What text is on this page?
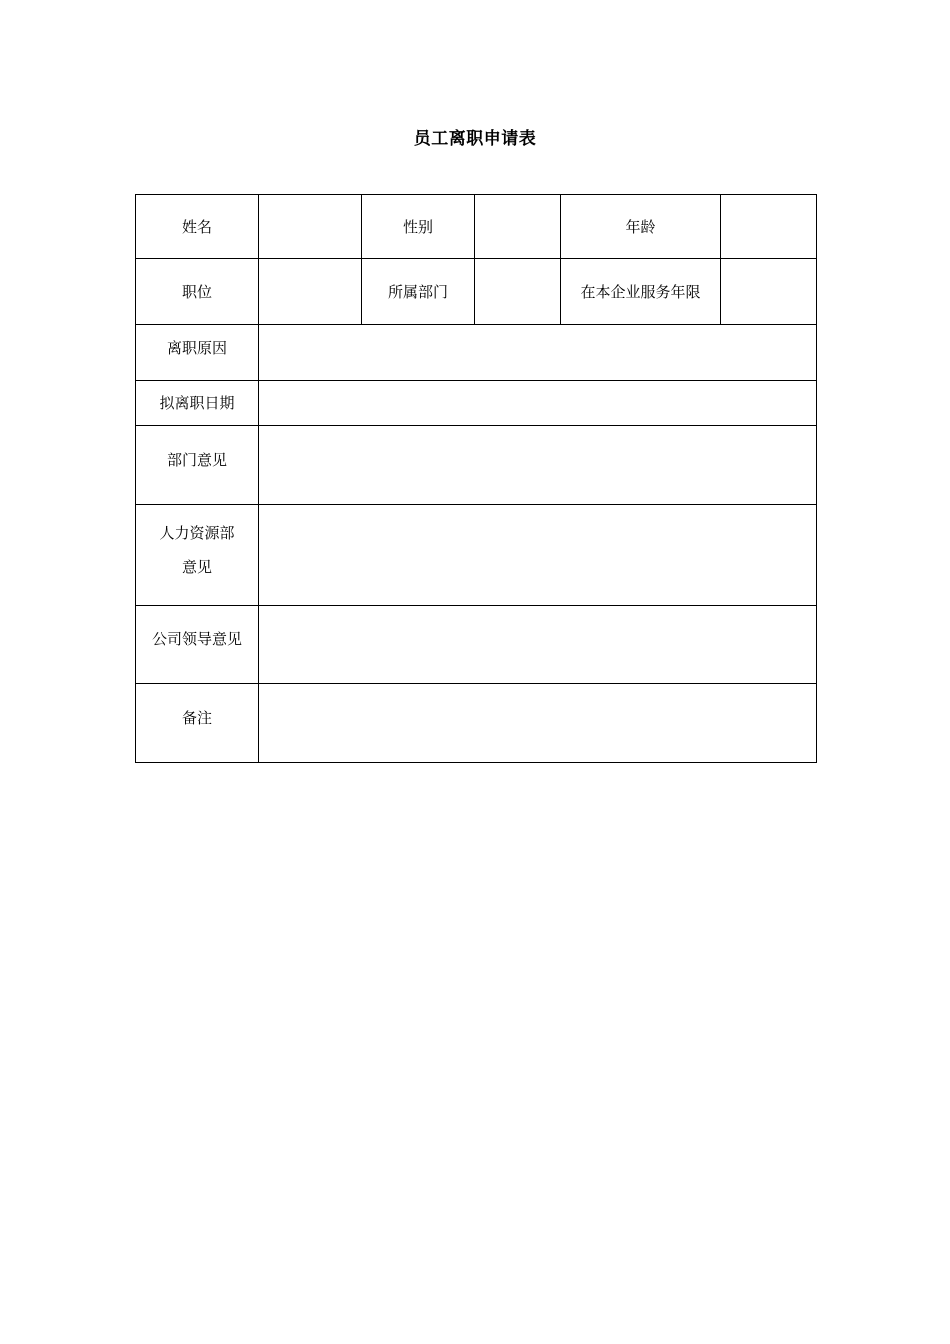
员工离职申请表
姓名		性别		年龄	
职位		所属部门		在本企业服务年限	
离职原因					
拟离职日期					
部门意见					

人力资源部
意见					

公司领导意见					
备注					
